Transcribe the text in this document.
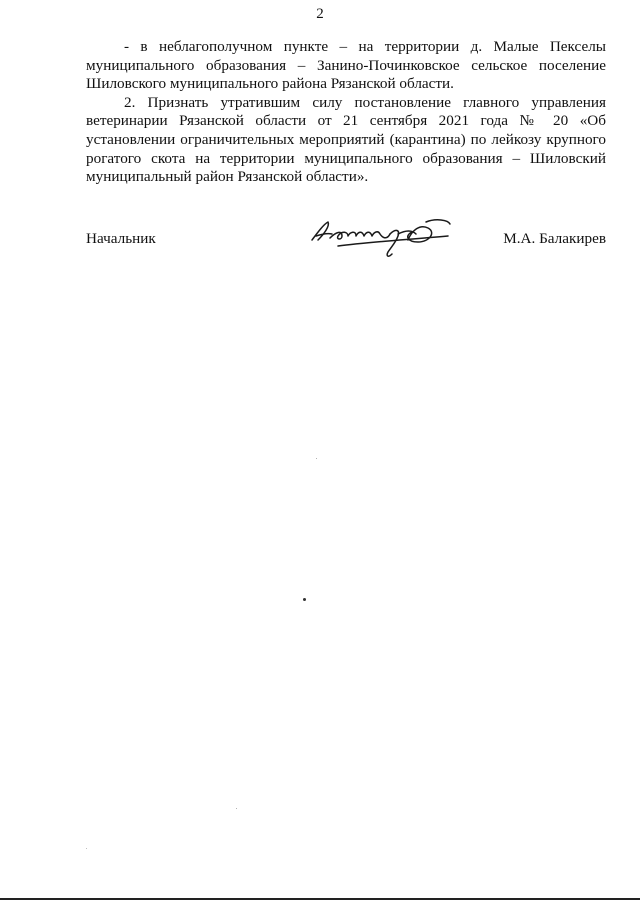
2

- в неблагополучном пункте – на территории д. Малые Пекселы муниципального образования – Занино-Починковское сельское поселение Шиловского муниципального района Рязанской области.

2. Признать утратившим силу постановление главного управления ветеринарии Рязанской области от 21 сентября 2021 года № 20 «Об установлении ограничительных мероприятий (карантина) по лейкозу крупного рогатого скота на территории муниципального образования – Шиловский муниципальный район Рязанской области».

Начальник	М.А. Балакирев
